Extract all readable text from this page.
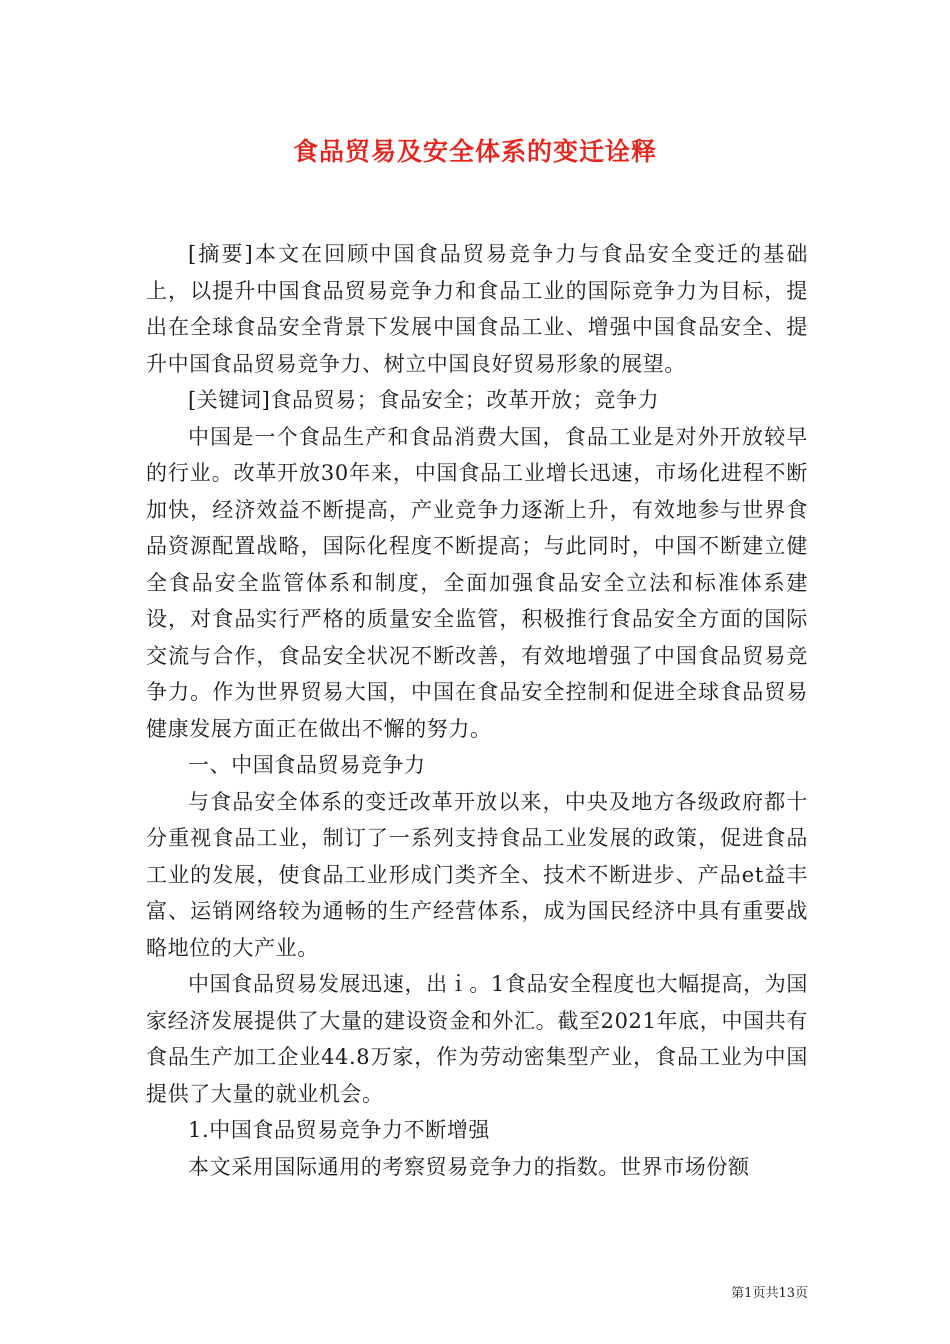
食品贸易及安全体系的变迁诠释

[摘要]本文在回顾中国食品贸易竞争力与食品安全变迁的基础上，以提升中国食品贸易竞争力和食品工业的国际竞争力为目标，提出在全球食品安全背景下发展中国食品工业、增强中国食品安全、提升中国食品贸易竞争力、树立中国良好贸易形象的展望。

[关键词]食品贸易；食品安全；改革开放；竞争力

中国是一个食品生产和食品消费大国，食品工业是对外开放较早的行业。改革开放30年来，中国食品工业增长迅速，市场化进程不断加快，经济效益不断提高，产业竞争力逐渐上升，有效地参与世界食品资源配置战略，国际化程度不断提高；与此同时，中国不断建立健全食品安全监管体系和制度，全面加强食品安全立法和标准体系建设，对食品实行严格的质量安全监管，积极推行食品安全方面的国际交流与合作，食品安全状况不断改善，有效地增强了中国食品贸易竞争力。作为世界贸易大国，中国在食品安全控制和促进全球食品贸易健康发展方面正在做出不懈的努力。

一、中国食品贸易竞争力

与食品安全体系的变迁改革开放以来，中央及地方各级政府都十分重视食品工业，制订了一系列支持食品工业发展的政策，促进食品工业的发展，使食品工业形成门类齐全、技术不断进步、产品et益丰富、运销网络较为通畅的生产经营体系，成为国民经济中具有重要战略地位的大产业。

中国食品贸易发展迅速，出ｉ。1食品安全程度也大幅提高，为国家经济发展提供了大量的建设资金和外汇。截至2021年底，中国共有食品生产加工企业44.8万家，作为劳动密集型产业，食品工业为中国提供了大量的就业机会。

1.中国食品贸易竞争力不断增强

本文采用国际通用的考察贸易竞争力的指数。世界市场份额

第1页共13页
